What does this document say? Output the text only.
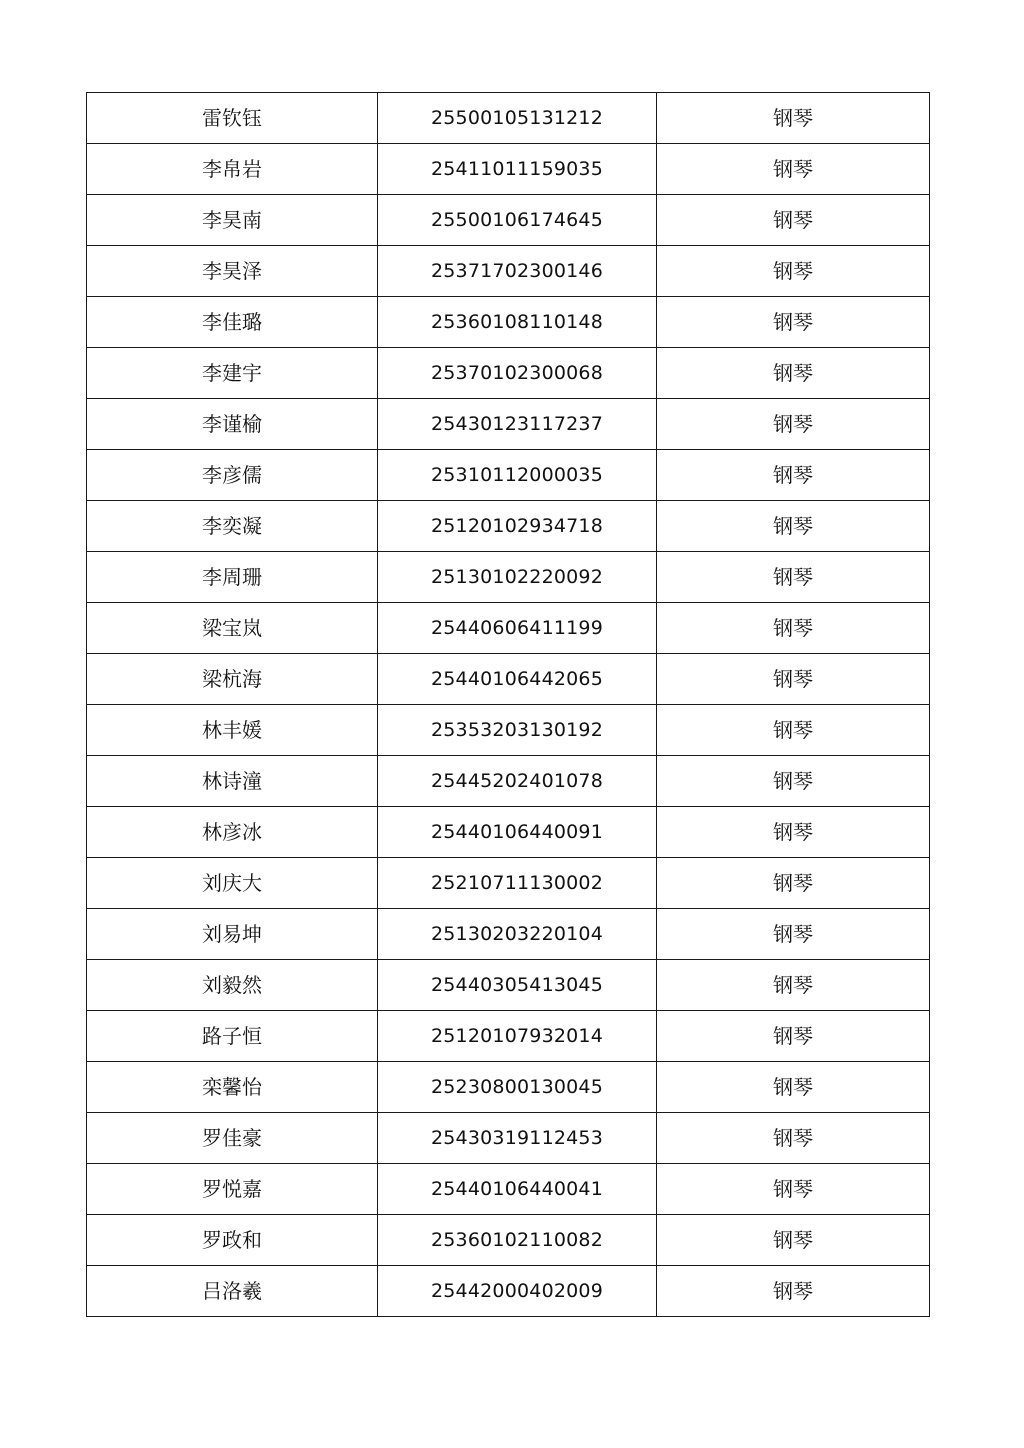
雷钦钰	25500105131212	钢琴
李帛岩	25411011159035	钢琴
李昊南	25500106174645	钢琴
李昊泽	25371702300146	钢琴
李佳璐	25360108110148	钢琴
李建宇	25370102300068	钢琴
李谨榆	25430123117237	钢琴
李彦儒	25310112000035	钢琴
李奕凝	25120102934718	钢琴
李周珊	25130102220092	钢琴
梁宝岚	25440606411199	钢琴
梁杭海	25440106442065	钢琴
林丰媛	25353203130192	钢琴
林诗潼	25445202401078	钢琴
林彦冰	25440106440091	钢琴
刘庆大	25210711130002	钢琴
刘易坤	25130203220104	钢琴
刘毅然	25440305413045	钢琴
路子恒	25120107932014	钢琴
栾馨怡	25230800130045	钢琴
罗佳豪	25430319112453	钢琴
罗悦嘉	25440106440041	钢琴
罗政和	25360102110082	钢琴
吕洛羲	25442000402009	钢琴
